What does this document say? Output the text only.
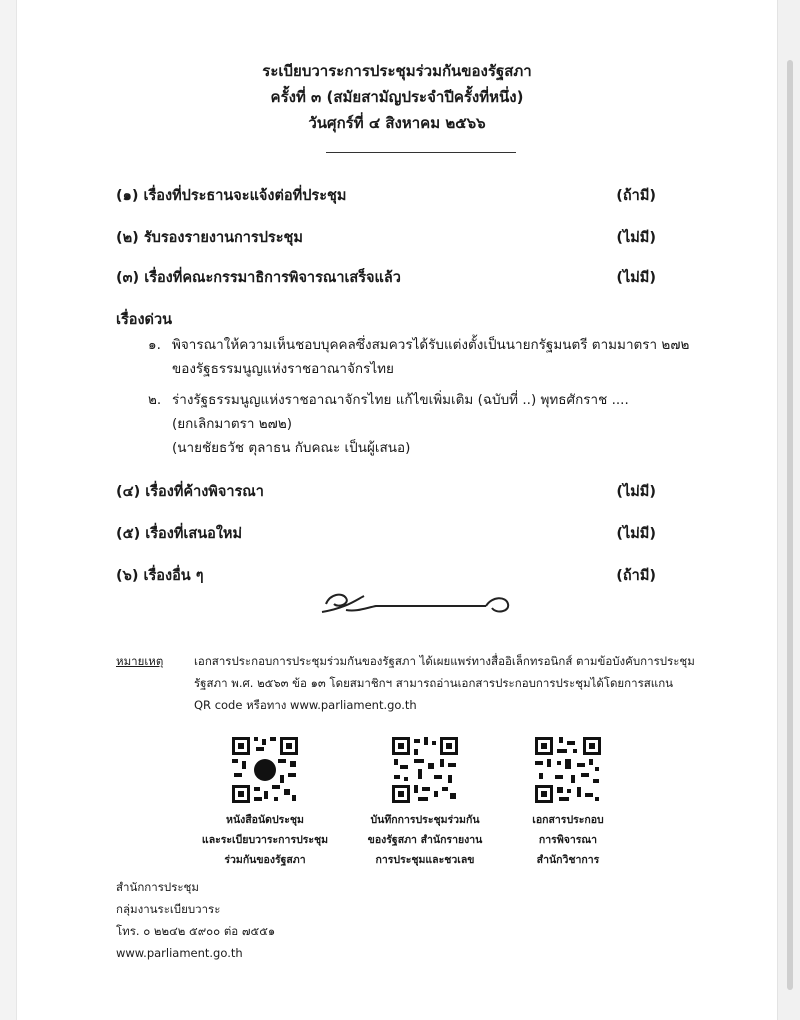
ระเบียบวาระการประชุมร่วมกันของรัฐสภา
ครั้งที่ ๓ (สมัยสามัญประจำปีครั้งที่หนึ่ง)
วันศุกร์ที่ ๔ สิงหาคม ๒๕๖๖
(๑) เรื่องที่ประธานจะแจ้งต่อที่ประชุม	(ถ้ามี)
(๒) รับรองรายงานการประชุม	(ไม่มี)
(๓) เรื่องที่คณะกรรมาธิการพิจารณาเสร็จแล้ว	(ไม่มี)
เรื่องด่วน
๑. พิจารณาให้ความเห็นชอบบุคคลซึ่งสมควรได้รับแต่งตั้งเป็นนายกรัฐมนตรี ตามมาตรา ๒๗๒
ของรัฐธรรมนูญแห่งราชอาณาจักรไทย
๒. ร่างรัฐธรรมนูญแห่งราชอาณาจักรไทย แก้ไขเพิ่มเติม (ฉบับที่ ..) พุทธศักราช ....
(ยกเลิกมาตรา ๒๗๒)
(นายชัยธวัช ตุลาธน กับคณะ เป็นผู้เสนอ)
(๔) เรื่องที่ค้างพิจารณา	(ไม่มี)
(๕) เรื่องที่เสนอใหม่	(ไม่มี)
(๖) เรื่องอื่น ๆ	(ถ้ามี)
หมายเหตุ	เอกสารประกอบการประชุมร่วมกันของรัฐสภา ได้เผยแพร่ทางสื่ออิเล็กทรอนิกส์ ตามข้อบังคับการประชุม
รัฐสภา พ.ศ. ๒๕๖๓ ข้อ ๑๓ โดยสมาชิกฯ สามารถอ่านเอกสารประกอบการประชุมได้โดยการสแกน
QR code หรือทาง www.parliament.go.th
หนังสือนัดประชุม
และระเบียบวาระการประชุม
ร่วมกันของรัฐสภา
บันทึกการประชุมร่วมกัน
ของรัฐสภา สำนักรายงาน
การประชุมและชวเลข
เอกสารประกอบ
การพิจารณา
สำนักวิชาการ
สำนักการประชุม
กลุ่มงานระเบียบวาระ
โทร. ๐ ๒๒๔๒ ๕๙๐๐ ต่อ ๗๕๕๑
www.parliament.go.th
